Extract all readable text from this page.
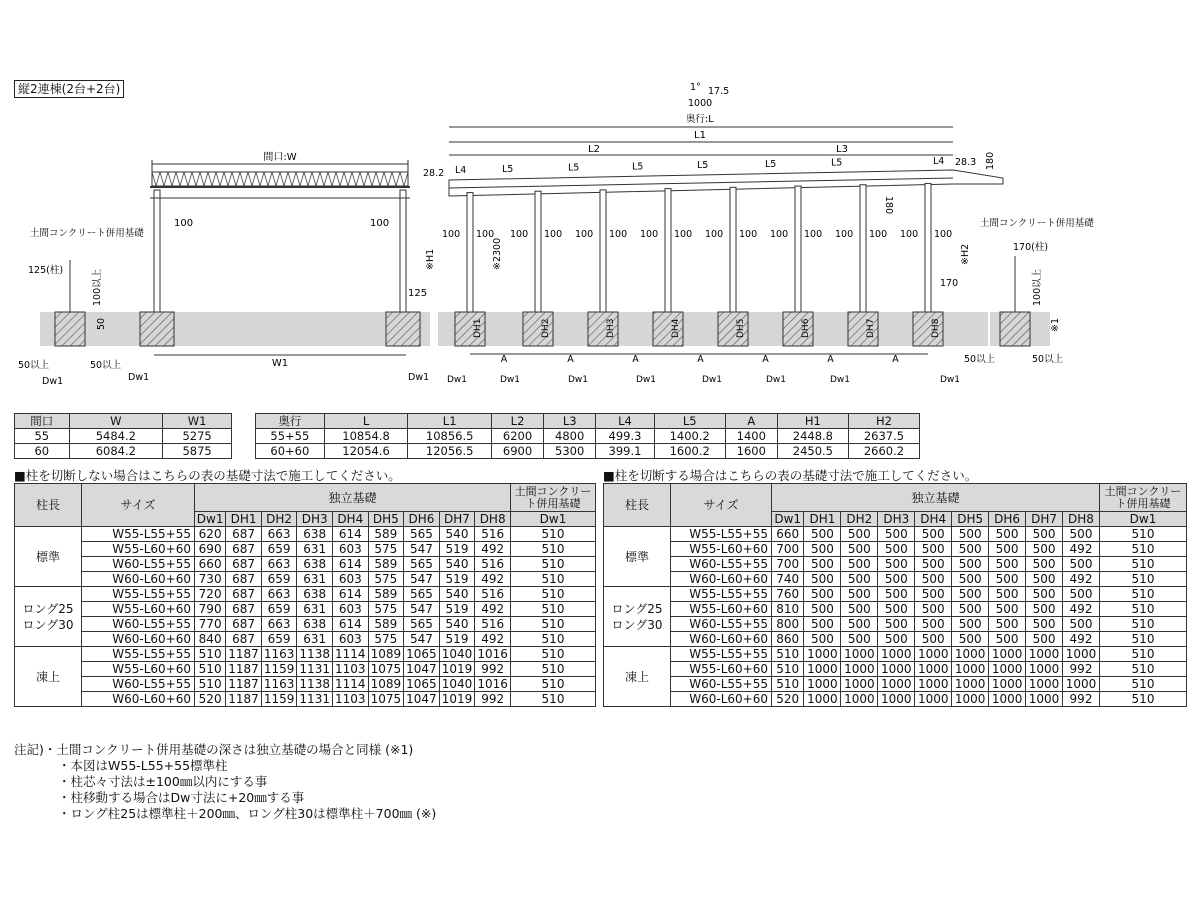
縦2連棟(2台+2台)
間口:W
100	100
W1
土間コンクリート併用基礎
125(柱)	100以上
50
125
50以上	50以上
Dw1	Dw1	Dw1
1° 17.5
1000
奥行:L
L1
L2	L3
28.2
28.3 180
180
DH1
A
DH2
A
DH3
A
DH4
A
DH5
A
DH6
A
DH7
A
DH8
Dw1	Dw1	Dw1	Dw1	Dw1	Dw1	Dw1	Dw1
100 100 100 100 100 100 100 100 100 100 100 100 100 100 100 100
L4
L4
L5	L5	L5	L5	L5	L5
土間コンクリート併用基礎
170(柱)
170	100以上
※1
50以上	50以上
※H1	※H2
※2300
間口	W	W1
55	5484.2	5275
60	6084.2	5875
奥行	L	L1	L2	L3	L4	L5	A	H1	H2
55+55	10854.8	10856.5	6200	4800	499.3	1400.2	1400	2448.8	2637.5
60+60	12054.6	12056.5	6900	5300	399.1	1600.2	1600	2450.5	2660.2
■柱を切断しない場合はこちらの表の基礎寸法で施工してください。	■柱を切断する場合はこちらの表の基礎寸法で施工してください。
柱長	サイズ	独立基礎									土間コンクリート併用基礎
		Dw1	DH1	DH2	DH3	DH4	DH5	DH6	DH7	DH8	Dw1
標準	W55-L55+55	620	687	663	638	614	589	565	540	516	510
	W55-L60+60	690	687	659	631	603	575	547	519	492	510
	W60-L55+55	660	687	663	638	614	589	565	540	516	510
	W60-L60+60	730	687	659	631	603	575	547	519	492	510
ロング25
ロング30	W55-L55+55	720	687	663	638	614	589	565	540	516	510
	W55-L60+60	790	687	659	631	603	575	547	519	492	510
	W60-L55+55	770	687	663	638	614	589	565	540	516	510
	W60-L60+60	840	687	659	631	603	575	547	519	492	510
凍上	W55-L55+55	510	1187	1163	1138	1114	1089	1065	1040	1016	510
	W55-L60+60	510	1187	1159	1131	1103	1075	1047	1019	992	510
	W60-L55+55	510	1187	1163	1138	1114	1089	1065	1040	1016	510
	W60-L60+60	520	1187	1159	1131	1103	1075	1047	1019	992	510
柱長	サイズ	独立基礎									土間コンクリート併用基礎
		Dw1	DH1	DH2	DH3	DH4	DH5	DH6	DH7	DH8	Dw1
標準	W55-L55+55	660	500	500	500	500	500	500	500	500	510
	W55-L60+60	700	500	500	500	500	500	500	500	492	510
	W60-L55+55	700	500	500	500	500	500	500	500	500	510
	W60-L60+60	740	500	500	500	500	500	500	500	492	510
ロング25
ロング30	W55-L55+55	760	500	500	500	500	500	500	500	500	510
	W55-L60+60	810	500	500	500	500	500	500	500	492	510
	W60-L55+55	800	500	500	500	500	500	500	500	500	510
	W60-L60+60	860	500	500	500	500	500	500	500	492	510
凍上	W55-L55+55	510	1000	1000	1000	1000	1000	1000	1000	1000	510
	W55-L60+60	510	1000	1000	1000	1000	1000	1000	1000	992	510
	W60-L55+55	510	1000	1000	1000	1000	1000	1000	1000	1000	510
	W60-L60+60	520	1000	1000	1000	1000	1000	1000	1000	992	510
注記)・土間コンクリート併用基礎の深さは独立基礎の場合と同様 (※1)
・本図はW55-L55+55標準柱
・柱芯々寸法は±100㎜以内にする事
・柱移動する場合はDw寸法に+20㎜する事
・ロング柱25は標準柱＋200㎜、ロング柱30は標準柱＋700㎜ (※)
